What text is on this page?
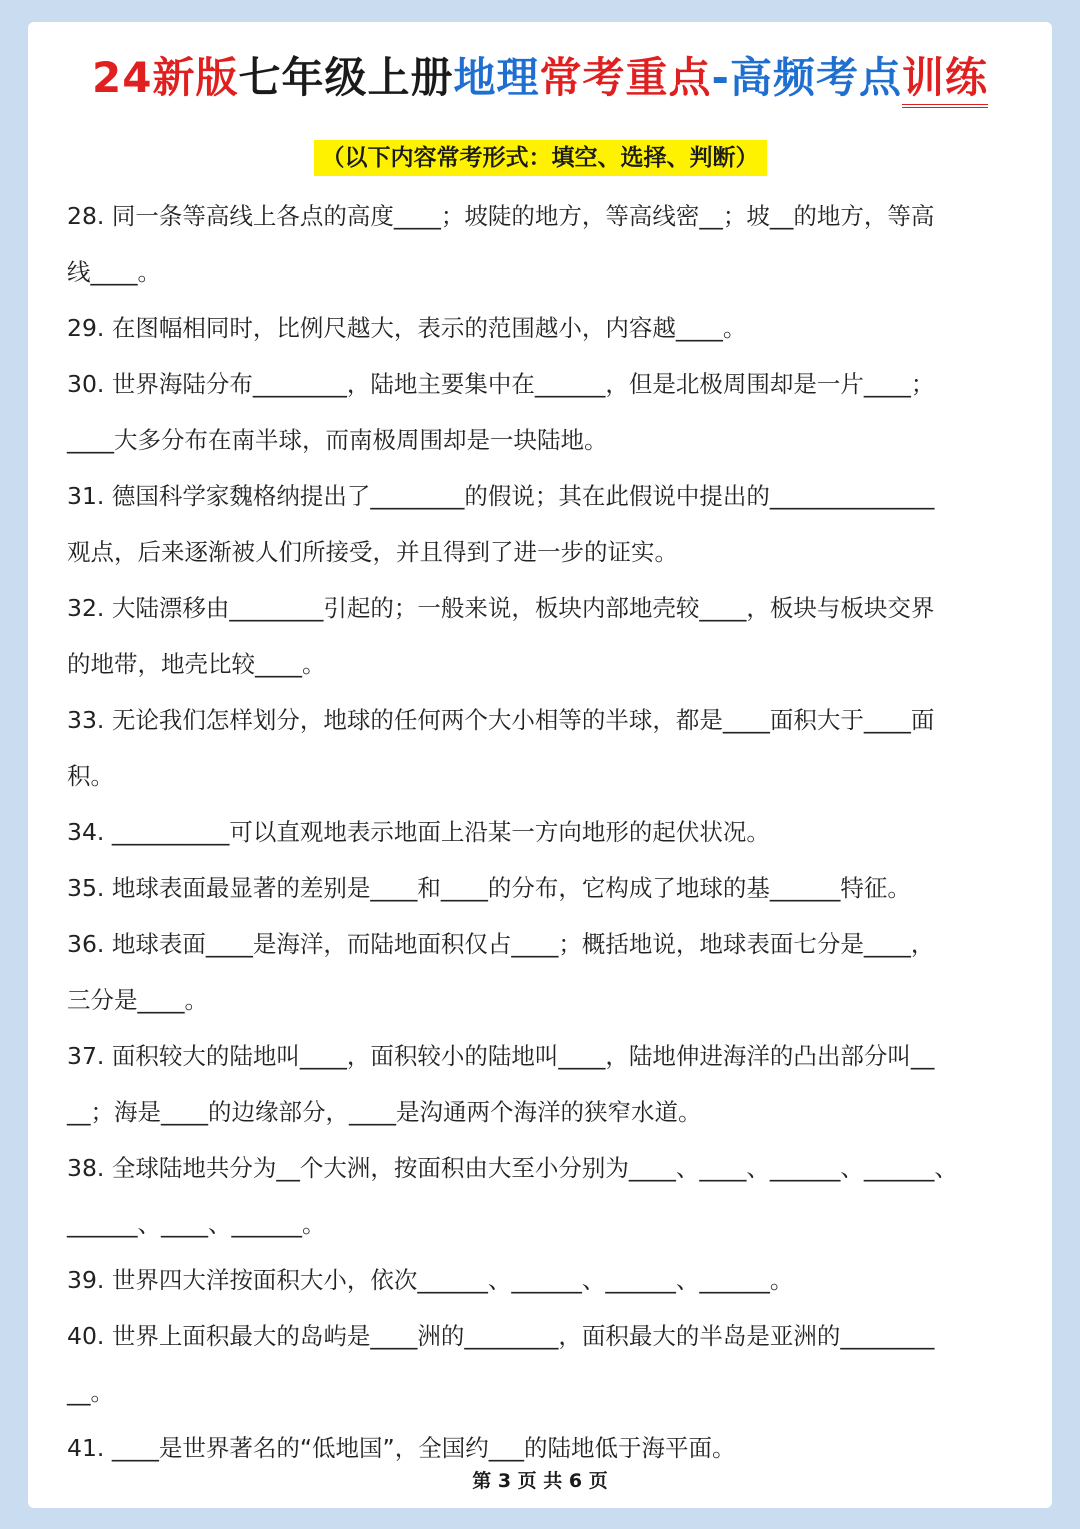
24新版七年级上册地理常考重点-高频考点训练
（以下内容常考形式：填空、选择、判断）
28. 同一条等高线上各点的高度____；坡陡的地方，等高线密__；坡__的地方，等高
线____。
29. 在图幅相同时，比例尺越大，表示的范围越小，内容越____。
30. 世界海陆分布________，陆地主要集中在______，但是北极周围却是一片____；
____大多分布在南半球，而南极周围却是一块陆地。
31. 德国科学家魏格纳提出了________的假说；其在此假说中提出的______________
观点，后来逐渐被人们所接受，并且得到了进一步的证实。
32. 大陆漂移由________引起的；一般来说，板块内部地壳较____，板块与板块交界
的地带，地壳比较____。
33. 无论我们怎样划分，地球的任何两个大小相等的半球，都是____面积大于____面
积。
34. __________可以直观地表示地面上沿某一方向地形的起伏状况。
35. 地球表面最显著的差别是____和____的分布，它构成了地球的基______特征。
36. 地球表面____是海洋，而陆地面积仅占____；概括地说，地球表面七分是____，
三分是____。
37. 面积较大的陆地叫____，面积较小的陆地叫____，陆地伸进海洋的凸出部分叫__
__；海是____的边缘部分，____是沟通两个海洋的狭窄水道。
38. 全球陆地共分为__个大洲，按面积由大至小分别为____、____、______、______、
______、____、______。
39. 世界四大洋按面积大小，依次______、______、______、______。
40. 世界上面积最大的岛屿是____洲的________，面积最大的半岛是亚洲的________
__。
41. ____是世界著名的“低地国”，全国约___的陆地低于海平面。
第 3 页 共 6 页
